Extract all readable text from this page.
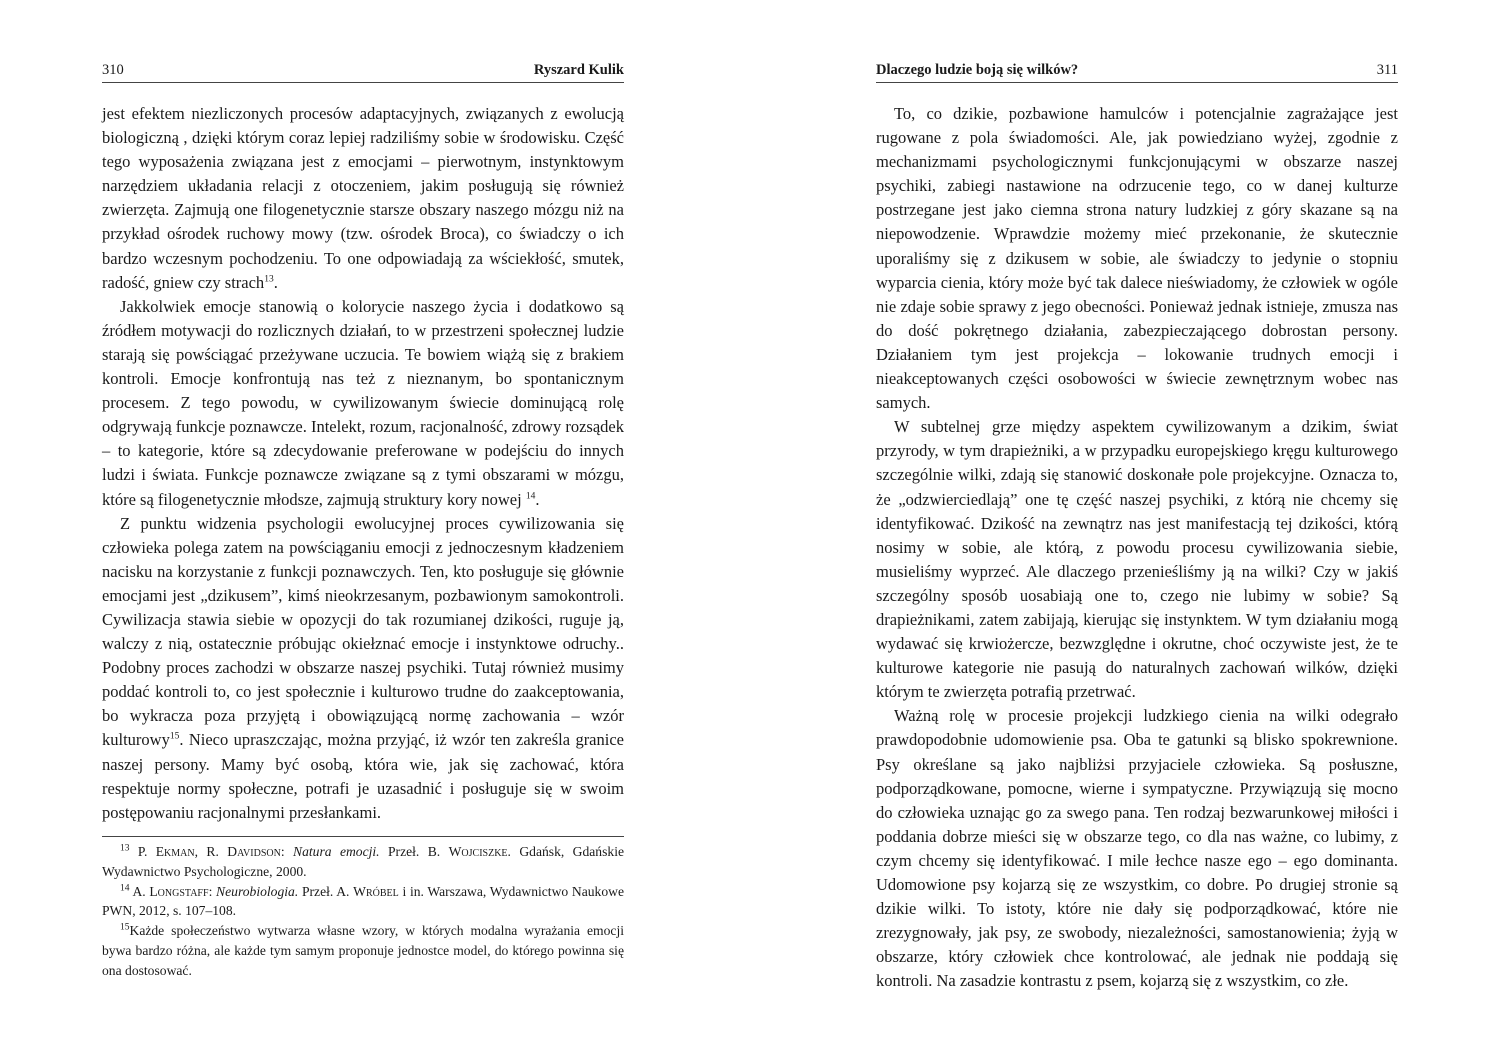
310	Ryszard Kulik

jest efektem niezliczonych procesów adaptacyjnych, związanych z ewolucją biologiczną , dzięki którym coraz lepiej radziliśmy sobie w środowisku. Część tego wyposażenia związana jest z emocjami – pierwotnym, instynktowym narzędziem układania relacji z otoczeniem, jakim posługują się również zwierzęta. Zajmują one filogenetycznie starsze obszary naszego mózgu niż na przykład ośrodek ruchowy mowy (tzw. ośrodek Broca), co świadczy o ich bardzo wczesnym pochodzeniu. To one odpowiadają za wściekłość, smutek, radość, gniew czy strach$^{13}$.

Jakkolwiek emocje stanowią o kolorycie naszego życia i dodatkowo są źródłem motywacji do rozlicznych działań, to w przestrzeni społecznej ludzie starają się powściągać przeżywane uczucia. Te bowiem wiążą się z brakiem kontroli. Emocje konfrontują nas też z nieznanym, bo spontanicznym procesem. Z tego powodu, w cywilizowanym świecie dominującą rolę odgrywają funkcje poznawcze. Intelekt, rozum, racjonalność, zdrowy rozsądek – to kategorie, które są zdecydowanie preferowane w podejściu do innych ludzi i świata. Funkcje poznawcze związane są z tymi obszarami w mózgu, które są filogenetycznie młodsze, zajmują struktury kory nowej $^{14}$.

Z punktu widzenia psychologii ewolucyjnej proces cywilizowania się człowieka polega zatem na powściąganiu emocji z jednoczesnym kładzeniem nacisku na korzystanie z funkcji poznawczych. Ten, kto posługuje się głównie emocjami jest „dzikusem”, kimś nieokrzesanym, pozbawionym samokontroli. Cywilizacja stawia siebie w opozycji do tak rozumianej dzikości, ruguje ją, walczy z nią, ostatecznie próbując okiełznać emocje i instynktowe odruchy.. Podobny proces zachodzi w obszarze naszej psychiki. Tutaj również musimy poddać kontroli to, co jest społecznie i kulturowo trudne do zaakceptowania, bo wykracza poza przyjętą i obowiązującą normę zachowania – wzór kulturowy$^{15}$. Nieco upraszczając, można przyjąć, iż wzór ten zakreśla granice naszej persony. Mamy być osobą, która wie, jak się zachować, która respektuje normy społeczne, potrafi je uzasadnić i posługuje się w swoim postępowaniu racjonalnymi przesłankami.

$^{13}$ P. Ekman, R. Davidson: Natura emocji. Przeł. B. Wojciszke. Gdańsk, Gdańskie Wydawnictwo Psychologiczne, 2000.

$^{14}$ A. Longstaff: Neurobiologia. Przeł. A. Wróbel i in. Warszawa, Wydawnictwo Naukowe PWN, 2012, s. 107–108.

$^{15}$Każde społeczeństwo wytwarza własne wzory, w których modalna wyrażania emocji bywa bardzo różna, ale każde tym samym proponuje jednostce model, do którego powinna się ona dostosować.

Dlaczego ludzie boją się wilków?	311

To, co dzikie, pozbawione hamulców i potencjalnie zagrażające jest rugowane z pola świadomości. Ale, jak powiedziano wyżej, zgodnie z mechanizmami psychologicznymi funkcjonującymi w obszarze naszej psychiki, zabiegi nastawione na odrzucenie tego, co w danej kulturze postrzegane jest jako ciemna strona natury ludzkiej z góry skazane są na niepowodzenie. Wprawdzie możemy mieć przekonanie, że skutecznie uporaliśmy się z dzikusem w sobie, ale świadczy to jedynie o stopniu wyparcia cienia, który może być tak dalece nieświadomy, że człowiek w ogóle nie zdaje sobie sprawy z jego obecności. Ponieważ jednak istnieje, zmusza nas do dość pokrętnego działania, zabezpieczającego dobrostan persony. Działaniem tym jest projekcja – lokowanie trudnych emocji i nieakceptowanych części osobowości w świecie zewnętrznym wobec nas samych.

W subtelnej grze między aspektem cywilizowanym a dzikim, świat przyrody, w tym drapieżniki, a w przypadku europejskiego kręgu kulturowego szczególnie wilki, zdają się stanowić doskonałe pole projekcyjne. Oznacza to, że „odzwierciedlają” one tę część naszej psychiki, z którą nie chcemy się identyfikować. Dzikość na zewnątrz nas jest manifestacją tej dzikości, którą nosimy w sobie, ale którą, z powodu procesu cywilizowania siebie, musieliśmy wyprzeć. Ale dlaczego przenieśliśmy ją na wilki? Czy w jakiś szczególny sposób uosabiają one to, czego nie lubimy w sobie? Są drapieżnikami, zatem zabijają, kierując się instynktem. W tym działaniu mogą wydawać się krwiożercze, bezwzględne i okrutne, choć oczywiste jest, że te kulturowe kategorie nie pasują do naturalnych zachowań wilków, dzięki którym te zwierzęta potrafią przetrwać.

Ważną rolę w procesie projekcji ludzkiego cienia na wilki odegrało prawdopodobnie udomowienie psa. Oba te gatunki są blisko spokrewnione. Psy określane są jako najbliżsi przyjaciele człowieka. Są posłuszne, podporządkowane, pomocne, wierne i sympatyczne. Przywiązują się mocno do człowieka uznając go za swego pana. Ten rodzaj bezwarunkowej miłości i poddania dobrze mieści się w obszarze tego, co dla nas ważne, co lubimy, z czym chcemy się identyfikować. I mile łechce nasze ego – ego dominanta. Udomowione psy kojarzą się ze wszystkim, co dobre. Po drugiej stronie są dzikie wilki. To istoty, które nie dały się podporządkować, które nie zrezygnowały, jak psy, ze swobody, niezależności, samostanowienia; żyją w obszarze, który człowiek chce kontrolować, ale jednak nie poddają się kontroli. Na zasadzie kontrastu z psem, kojarzą się z wszystkim, co złe.
